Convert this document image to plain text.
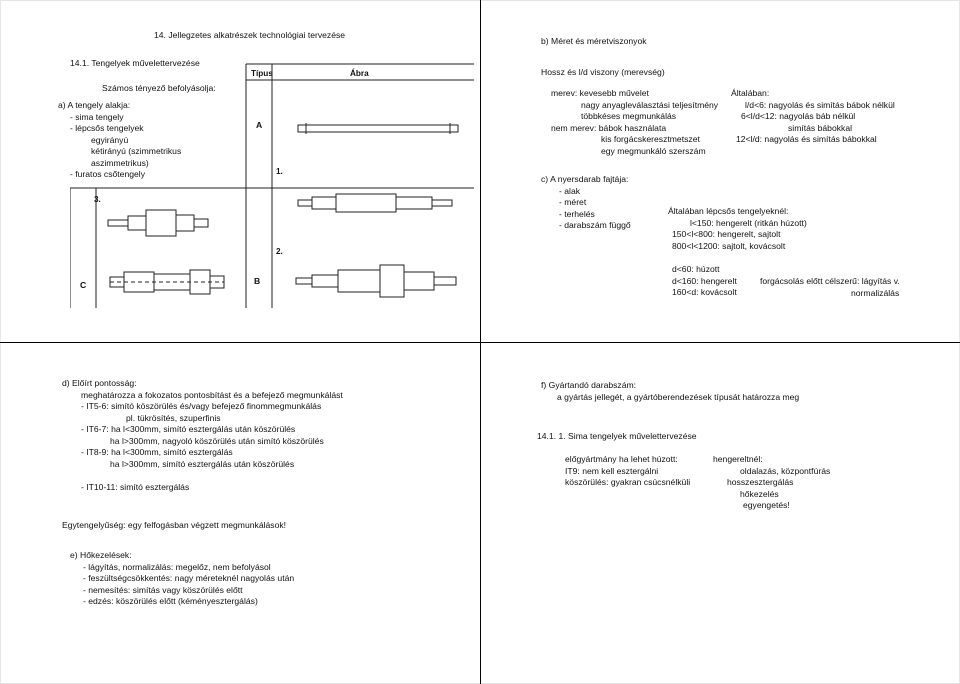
14. Jellegzetes alkatrészek technológiai tervezése
14.1. Tengelyek művelettervezése
Számos tényező befolyásolja:
a) A tengely alakja:
- sima tengely
- lépcsős tengelyek
egyirányú
kétirányú (szimmetrikus
aszimmetrikus)
- furatos csőtengely
Típus	Ábra
A
1.
3.
B
2.
C
b) Méret és méretviszonyok
Hossz és l/d viszony (merevség)
merev: kevesebb művelet
nagy anyagleválasztási teljesítmény
többkéses megmunkálás
nem merev: bábok használata
kis forgácskeresztmetszet
egy megmunkáló szerszám
Általában:
l/d<6: nagyolás és simítás bábok nélkül
6<l/d<12: nagyolás báb nélkül
simítás bábokkal
12<l/d: nagyolás és simítás bábokkal
c) A nyersdarab fajtája:
- alak
- méret
- terhelés
- darabszám függő
Általában lépcsős tengelyeknél:
l<150: hengerelt (ritkán húzott)
150<l<800: hengerelt, sajtolt
800<l<1200: sajtolt, kovácsolt
d<60: húzott
d<160: hengerelt
160<d: kovácsolt
forgácsolás előtt célszerű: lágyítás v.
normalizálás
d) Előírt pontosság:
meghatározza a fokozatos pontosbítást és a befejező megmunkálást
- IT5-6: simító köszörülés és/vagy befejező finommegmunkálás
pl. tükrösítés, szuperfinis
- IT6-7: ha l<300mm, simító esztergálás után köszörülés
ha l>300mm, nagyoló köszörülés után simító köszörülés
- IT8-9: ha l<300mm, simító esztergálás
ha l>300mm, simító esztergálás után köszörülés
- IT10-11: simító esztergálás
Egytengelyűség: egy felfogásban végzett megmunkálások!
e) Hőkezelések:
- lágyítás, normalizálás: megelőz, nem befolyásol
- feszültségcsökkentés: nagy méreteknél nagyolás után
- nemesítés: simítás vagy köszörülés előtt
- edzés: köszörülés előtt (kéményesztergálás)
f) Gyártandó darabszám:
a gyártás jellegét, a gyártóberendezések típusát határozza meg
14.1. 1. Sima tengelyek művelettervezése
előgyártmány ha lehet húzott:
IT9: nem kell esztergálni
köszörülés: gyakran csúcsnélküli
hengereltnél:
oldalazás, központfúrás
hosszesztergálás
hőkezelés
egyengetés!
